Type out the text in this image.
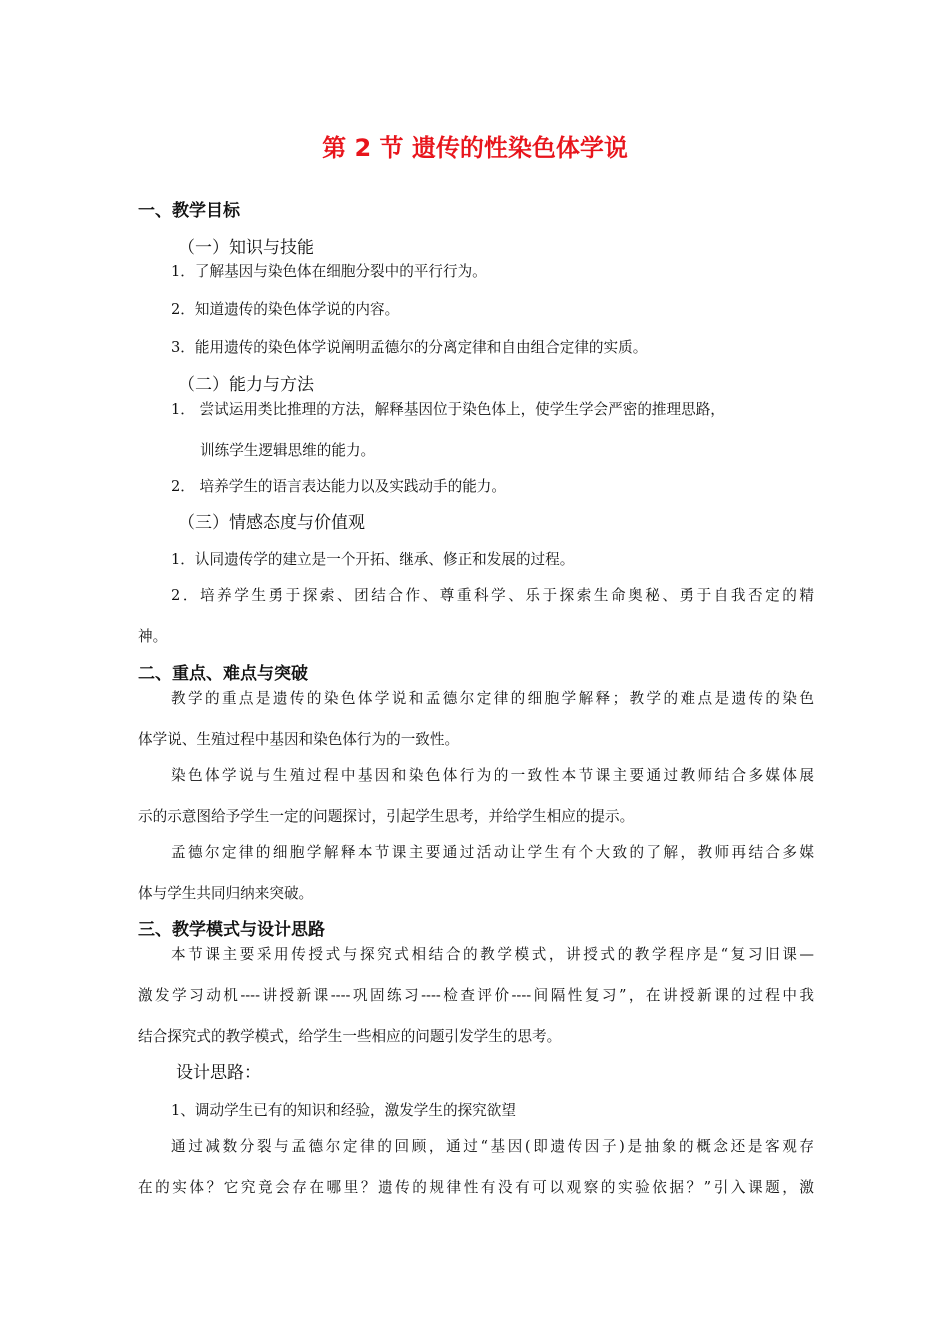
第 2 节 遗传的性染色体学说
一、教学目标
（一）知识与技能
1．了解基因与染色体在细胞分裂中的平行行为。
2．知道遗传的染色体学说的内容。
3．能用遗传的染色体学说阐明孟德尔的分离定律和自由组合定律的实质。
（二）能力与方法
1． 尝试运用类比推理的方法，解释基因位于染色体上，使学生学会严密的推理思路，
训练学生逻辑思维的能力。
2． 培养学生的语言表达能力以及实践动手的能力。
（三）情感态度与价值观
1．认同遗传学的建立是一个开拓、继承、修正和发展的过程。
2．培养学生勇于探索、团结合作、尊重科学、乐于探索生命奥秘、勇于自我否定的精
神。
二、重点、难点与突破
教学的重点是遗传的染色体学说和孟德尔定律的细胞学解释；教学的难点是遗传的染色
体学说、生殖过程中基因和染色体行为的一致性。
染色体学说与生殖过程中基因和染色体行为的一致性本节课主要通过教师结合多媒体展
示的示意图给予学生一定的问题探讨，引起学生思考，并给学生相应的提示。
孟德尔定律的细胞学解释本节课主要通过活动让学生有个大致的了解，教师再结合多媒
体与学生共同归纳来突破。
三、教学模式与设计思路
本节课主要采用传授式与探究式相结合的教学模式，讲授式的教学程序是“复习旧课—
激发学习动机----讲授新课----巩固练习----检查评价----间隔性复习”，在讲授新课的过程中我
结合探究式的教学模式，给学生一些相应的问题引发学生的思考。
设计思路：
1、调动学生已有的知识和经验，激发学生的探究欲望
通过减数分裂与孟德尔定律的回顾，通过“基因(即遗传因子)是抽象的概念还是客观存
在的实体？它究竟会存在哪里？遗传的规律性有没有可以观察的实验依据？”引入课题，激
